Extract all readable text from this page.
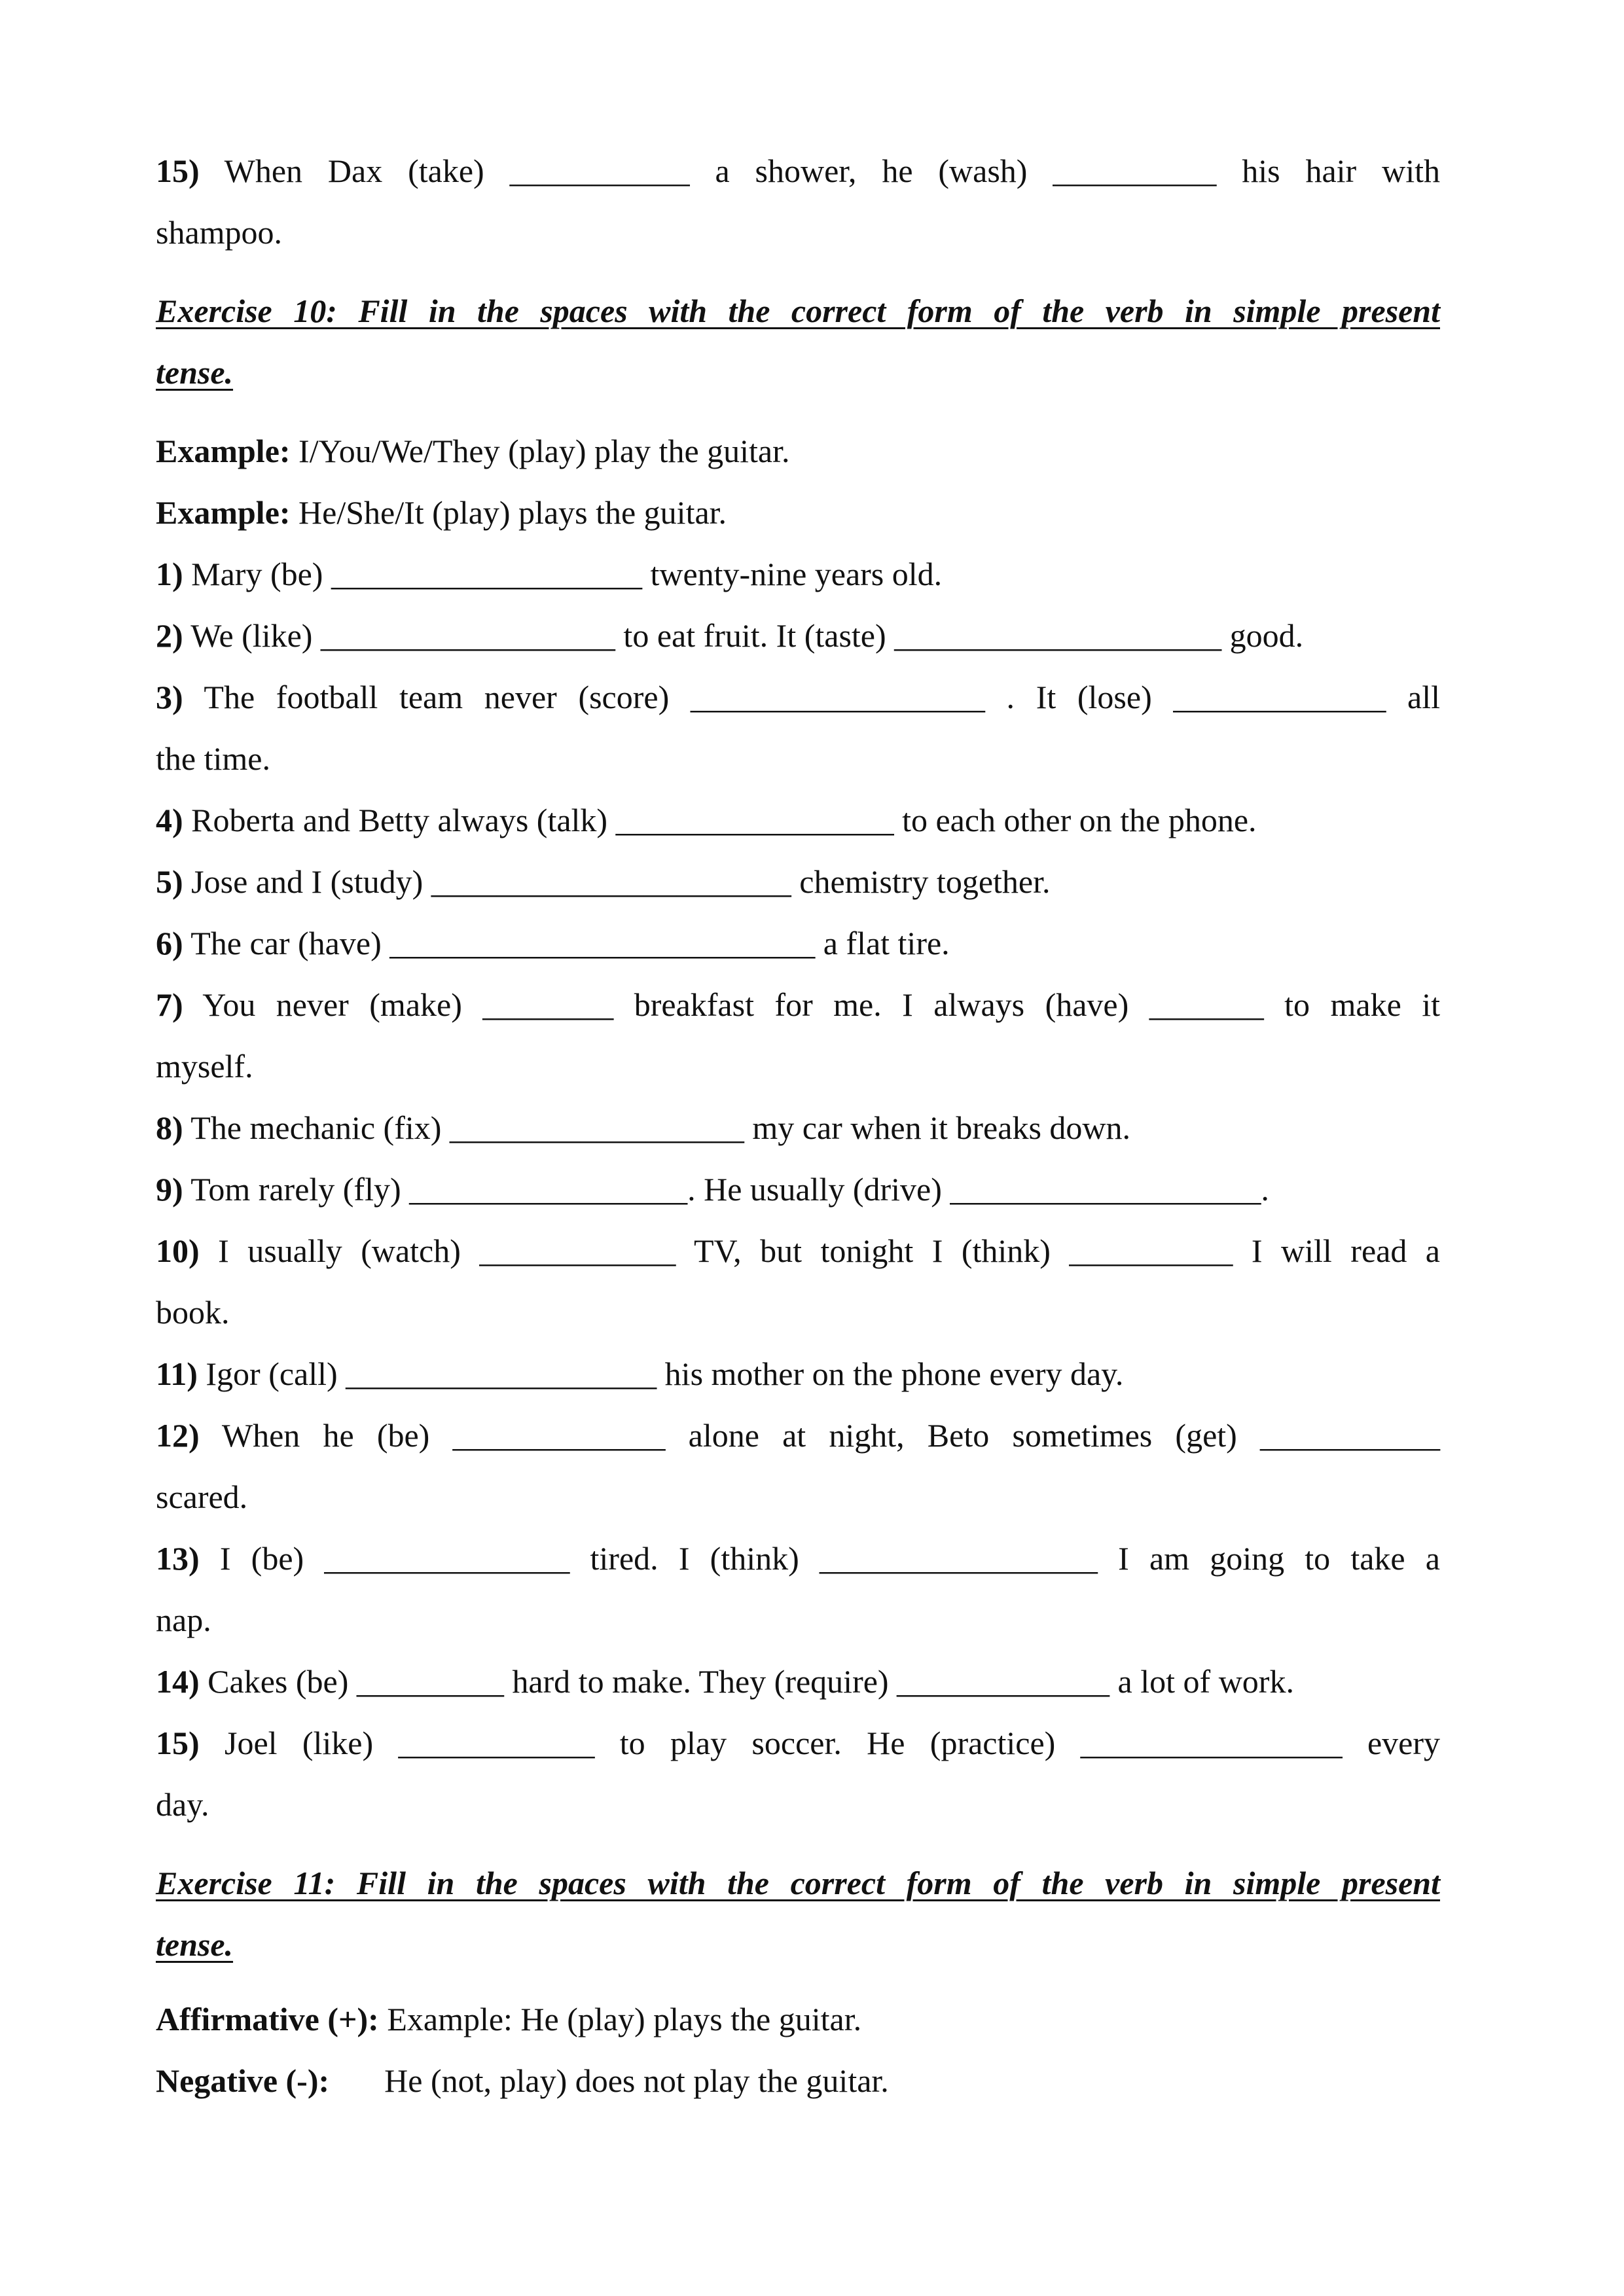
15) When Dax (take) ___________ a shower, he (wash) __________ his hair with
shampoo.
Exercise 10: Fill in the spaces with the correct form of the verb in simple present
tense.
Example: I/You/We/They (play) play the guitar.
Example: He/She/It (play) plays the guitar.
1) Mary (be) ___________________ twenty-nine years old.
2) We (like) __________________ to eat fruit. It (taste) ____________________ good.
3) The football team never (score) __________________ . It (lose) _____________ all
the time.
4) Roberta and Betty always (talk) _________________ to each other on the phone.
5) Jose and I (study) ______________________ chemistry together.
6) The car (have) __________________________ a flat tire.
7) You never (make) ________ breakfast for me. I always (have) _______ to make it
myself.
8) The mechanic (fix) __________________ my car when it breaks down.
9) Tom rarely (fly) _________________. He usually (drive) ___________________.
10) I usually (watch) ____________ TV, but tonight I (think) __________ I will read a
book.
11) Igor (call) ___________________ his mother on the phone every day.
12) When he (be) _____________ alone at night, Beto sometimes (get) ___________
scared.
13) I (be) _______________ tired. I (think) _________________ I am going to take a
nap.
14) Cakes (be) _________ hard to make. They (require) _____________ a lot of work.
15) Joel (like) ____________ to play soccer. He (practice) ________________ every
day.
Exercise 11: Fill in the spaces with the correct form of the verb in simple present
tense.
Affirmative (+): Example: He (play) plays the guitar.
Negative (-): He (not, play) does not play the guitar.
